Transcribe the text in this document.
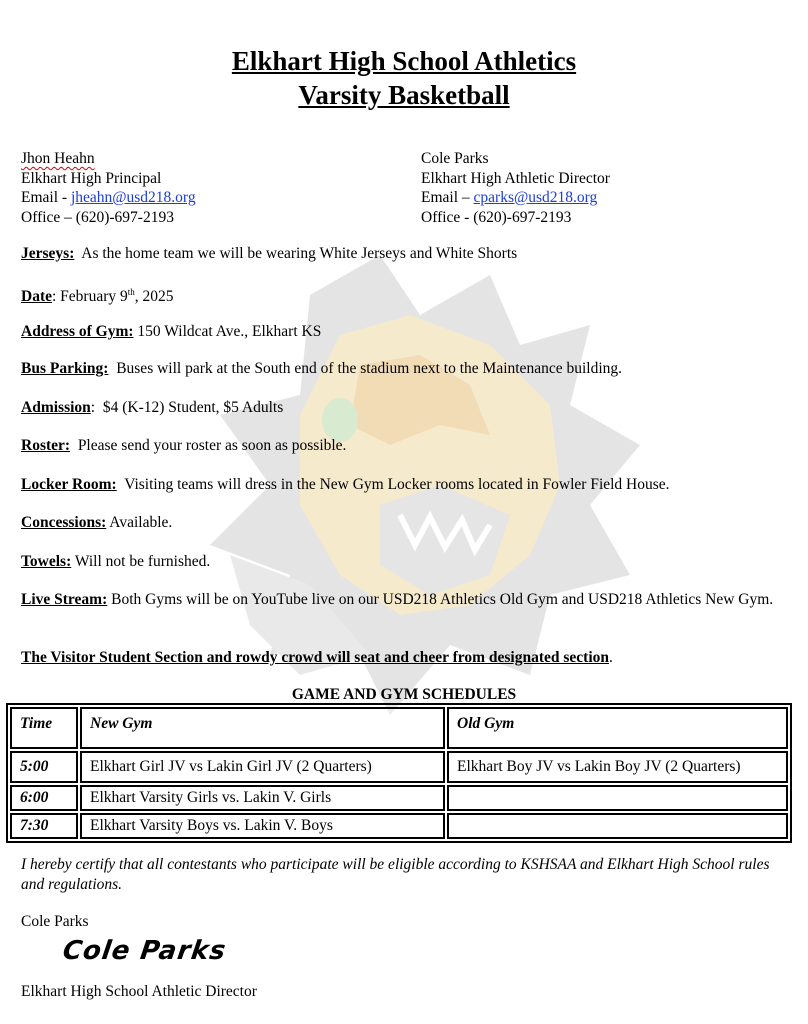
Elkhart High School Athletics
Varsity Basketball
Jhon Heahn
Elkhart High Principal
Email - jheahn@usd218.org
Office – (620)-697-2193
Cole Parks
Elkhart High Athletic Director
Email – cparks@usd218.org
Office - (620)-697-2193
Jerseys:  As the home team we will be wearing White Jerseys and White Shorts
Date: February 9th, 2025
Address of Gym: 150 Wildcat Ave., Elkhart KS
Bus Parking:  Buses will park at the South end of the stadium next to the Maintenance building.
Admission:  $4 (K-12) Student, $5 Adults
Roster:  Please send your roster as soon as possible.
Locker Room:  Visiting teams will dress in the New Gym Locker rooms located in Fowler Field House.
Concessions: Available.
Towels: Will not be furnished.
Live Stream: Both Gyms will be on YouTube live on our USD218 Athletics Old Gym and USD218 Athletics New Gym.
The Visitor Student Section and rowdy crowd will seat and cheer from designated section.
GAME AND GYM SCHEDULES
Time	New Gym	Old Gym
5:00	Elkhart Girl JV vs Lakin Girl JV (2 Quarters)	Elkhart Boy JV vs Lakin Boy JV (2 Quarters)
6:00	Elkhart Varsity Girls vs. Lakin V. Girls	
7:30	Elkhart Varsity Boys vs. Lakin V. Boys	
I hereby certify that all contestants who participate will be eligible according to KSHSAA and Elkhart High School rules and regulations.
Cole Parks
Cole Parks
Elkhart High School Athletic Director
